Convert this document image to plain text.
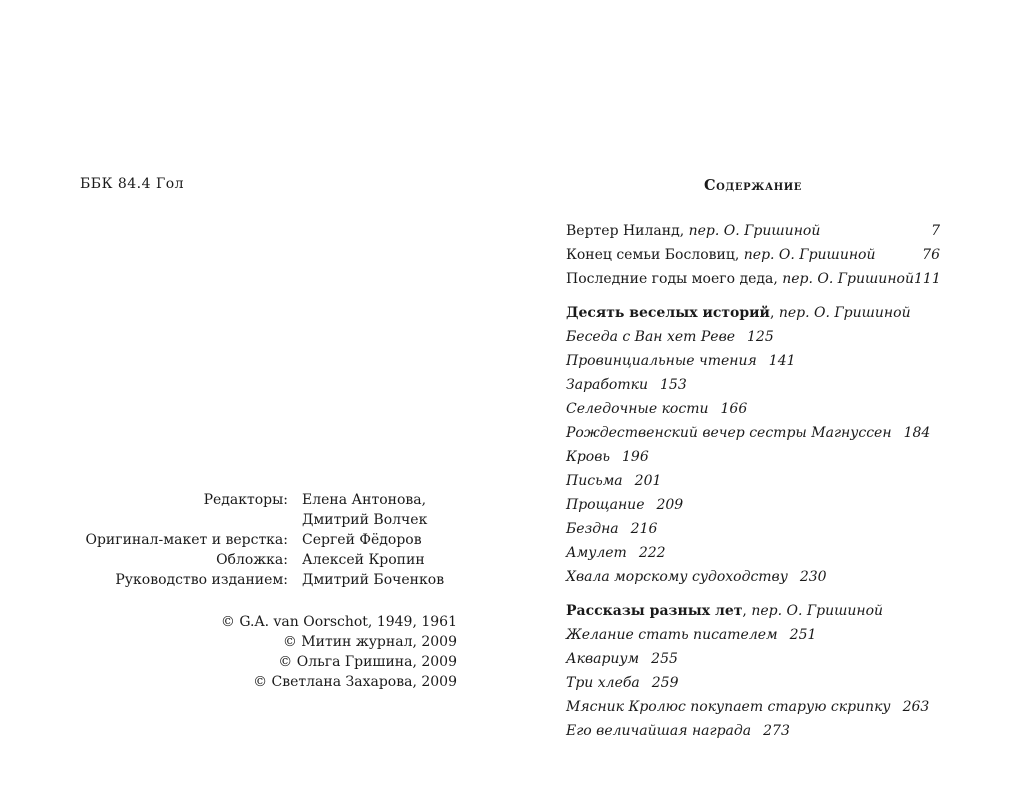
ББК 84.4 Гол
Редакторы:	Елена Антонова,
Дмитрий Волчек
Оригинал-макет и верстка:	Сергей Фёдоров
Обложка:	Алексей Кропин
Руководство изданием:	Дмитрий Боченков
© G.A. van Oorschot, 1949, 1961
© Митин журнал, 2009
© Ольга Гришина, 2009
© Светлана Захарова, 2009
Содержание
Вертер Ниланд, пер. О. Гришиной	7
Конец семьи Бословиц, пер. О. Гришиной	76
Последние годы моего деда, пер. О. Гришиной 111
Десять веселых историй, пер. О. Гришиной
Беседа с Ван хет Реве 125
Провинциальные чтения 141
Заработки 153
Селедочные кости 166
Рождественский вечер сестры Магнуссен 184
Кровь 196
Письма 201
Прощание 209
Бездна 216
Амулет 222
Хвала морскому судоходству 230
Рассказы разных лет, пер. О. Гришиной
Желание стать писателем 251
Аквариум 255
Три хлеба 259
Мясник Кролюс покупает старую скрипку 263
Его величайшая награда 273
